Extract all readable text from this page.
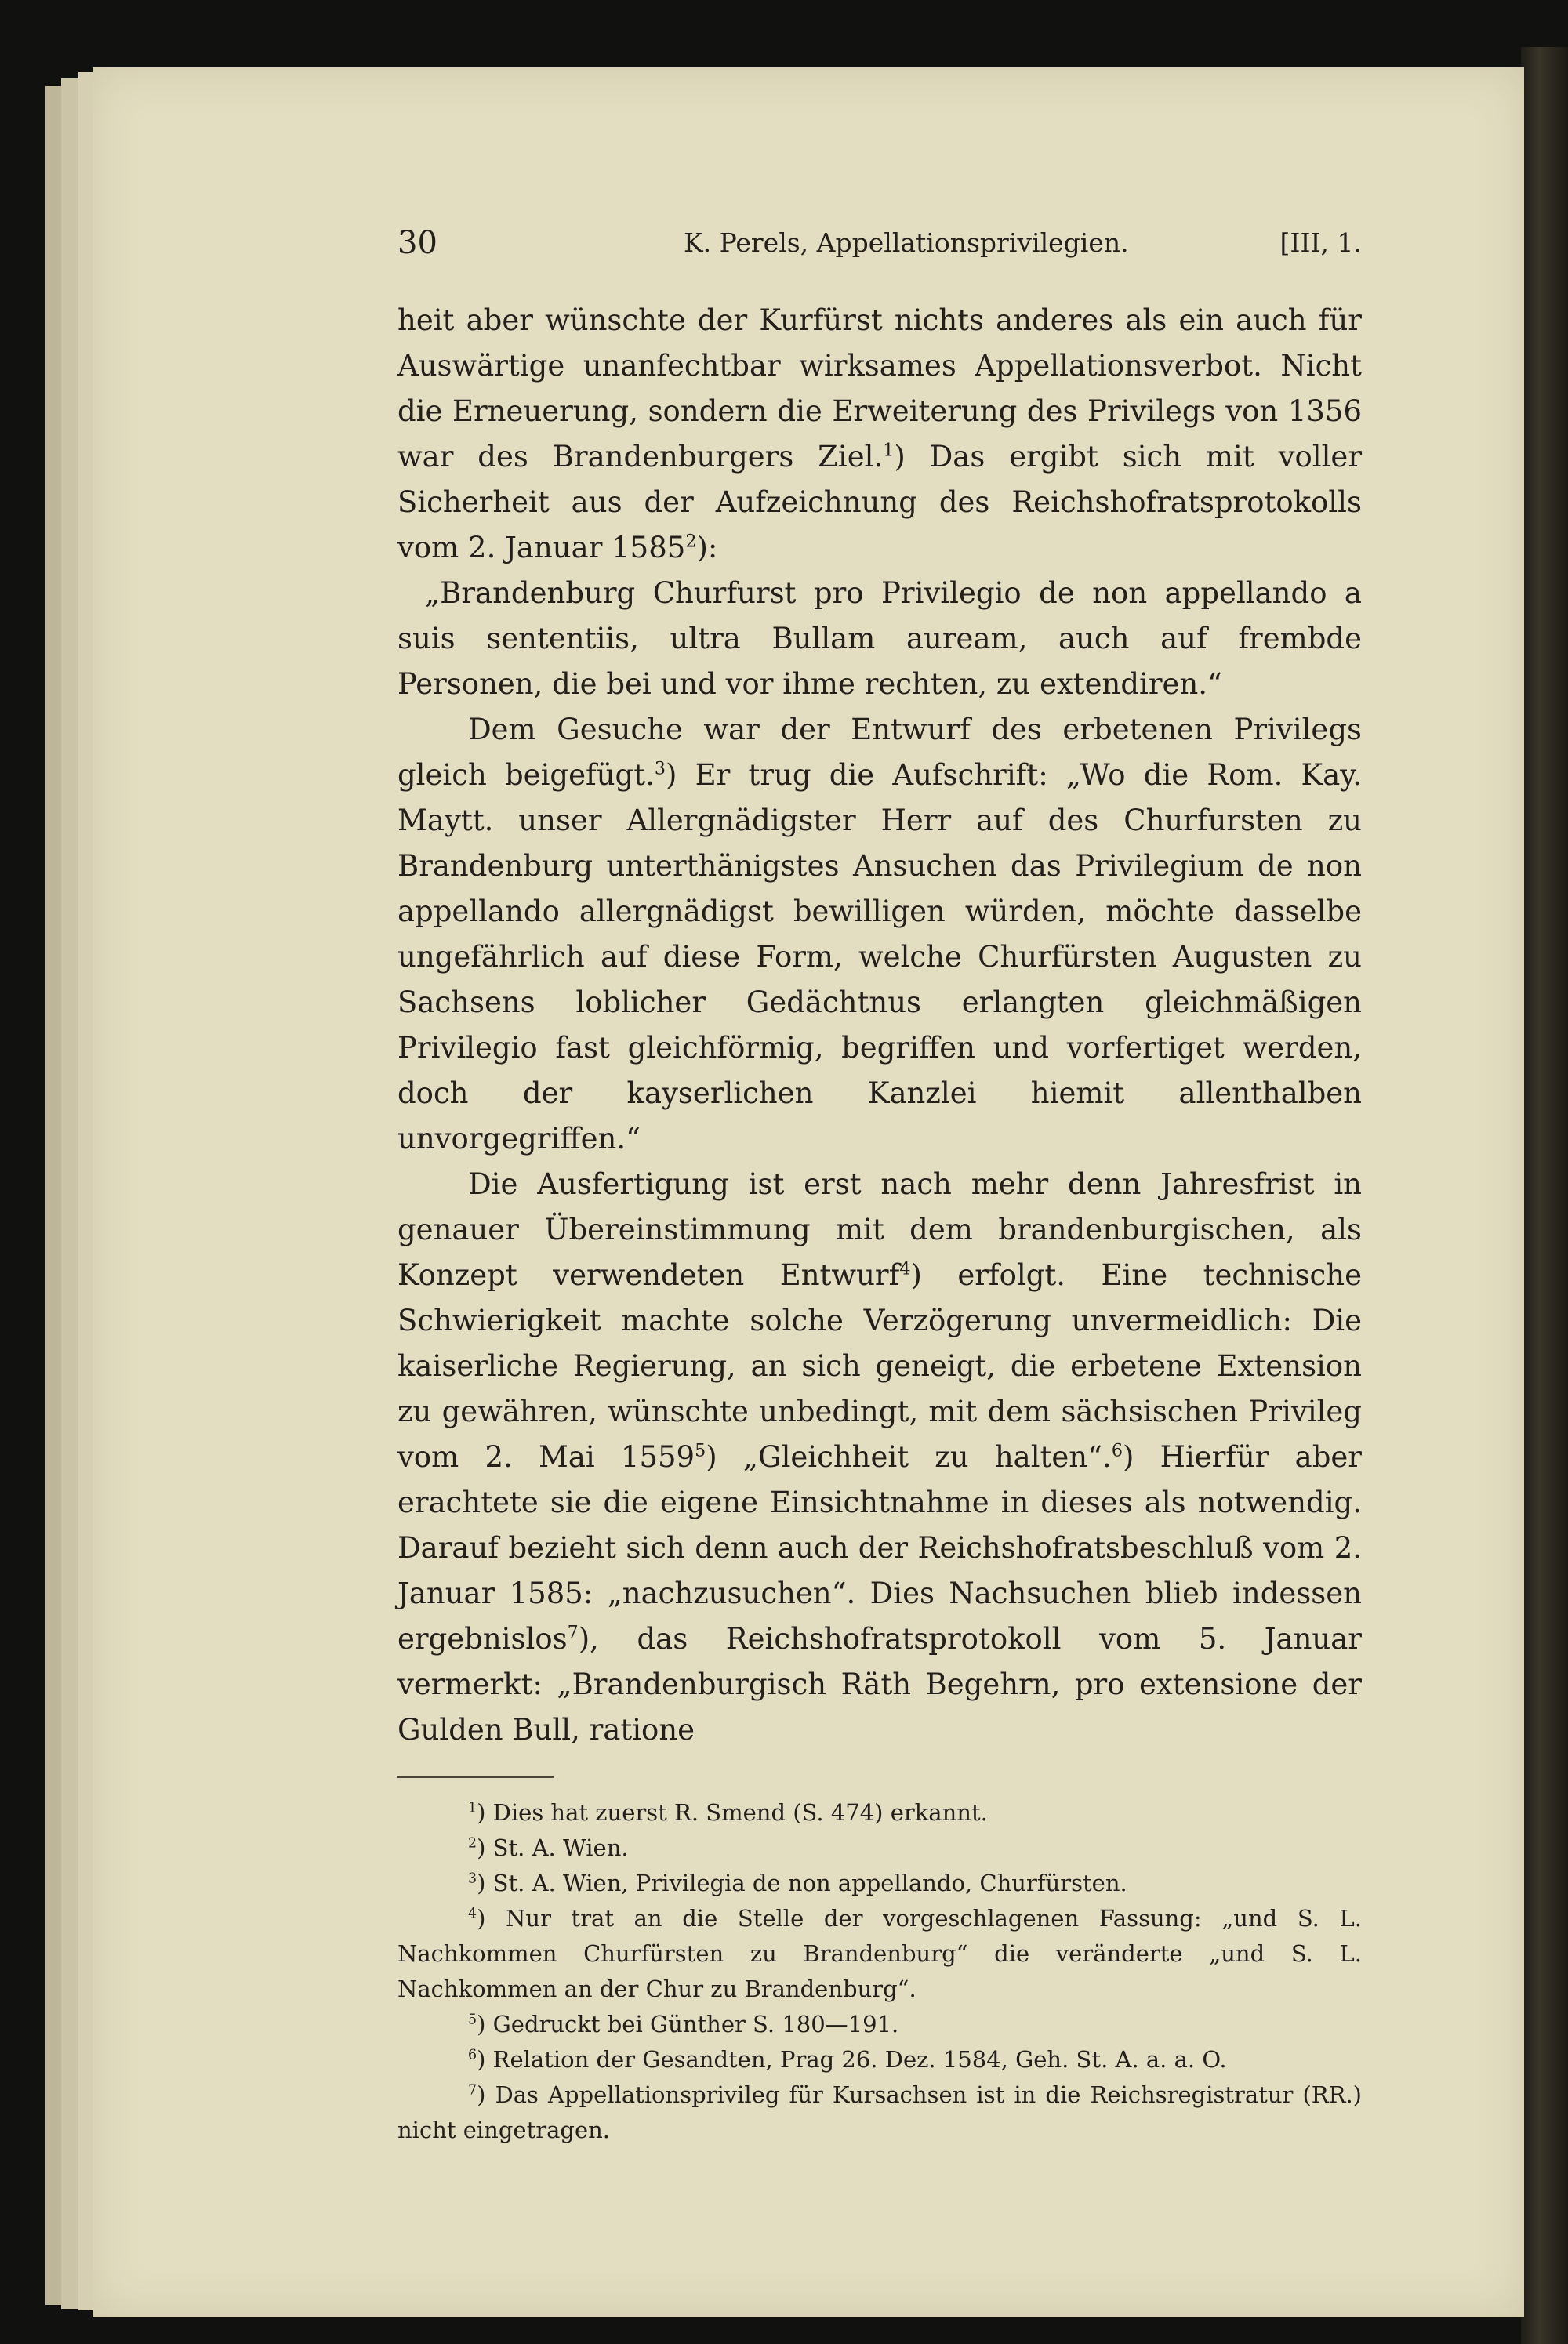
30	K. Perels, Appellationsprivilegien.	[III, 1.

heit aber wünschte der Kurfürst nichts anderes als ein auch für Auswärtige unanfechtbar wirksames Appellationsverbot. Nicht die Erneuerung, sondern die Erweiterung des Privilegs von 1356 war des Brandenburgers Ziel.$^1$) Das ergibt sich mit voller Sicherheit aus der Aufzeichnung des Reichshofratsprotokolls vom 2. Januar 1585$^2$):

„Brandenburg Churfurst pro Privilegio de non appellando a suis sententiis, ultra Bullam auream, auch auf frembde Personen, die bei und vor ihme rechten, zu extendiren.“

Dem Gesuche war der Entwurf des erbetenen Privilegs gleich beigefügt.$^3$) Er trug die Aufschrift: „Wo die Rom. Kay. Maytt. unser Allergnädigster Herr auf des Churfursten zu Brandenburg unterthänigstes Ansuchen das Privilegium de non appellando allergnädigst bewilligen würden, möchte dasselbe ungefährlich auf diese Form, welche Churfürsten Augusten zu Sachsens loblicher Gedächtnus erlangten gleichmäßigen Privilegio fast gleichförmig, begriffen und vorfertiget werden, doch der kayserlichen Kanzlei hiemit allenthalben unvorgegriffen.“

Die Ausfertigung ist erst nach mehr denn Jahresfrist in genauer Übereinstimmung mit dem brandenburgischen, als Konzept verwendeten Entwurf$^4$) erfolgt. Eine technische Schwierigkeit machte solche Verzögerung unvermeidlich: Die kaiserliche Regierung, an sich geneigt, die erbetene Extension zu gewähren, wünschte unbedingt, mit dem sächsischen Privileg vom 2. Mai 1559$^5$) „Gleichheit zu halten“.$^6$) Hierfür aber erachtete sie die eigene Einsichtnahme in dieses als notwendig. Darauf bezieht sich denn auch der Reichshofratsbeschluß vom 2. Januar 1585: „nachzusuchen“. Dies Nachsuchen blieb indessen ergebnislos$^7$), das Reichshofratsprotokoll vom 5. Januar vermerkt: „Brandenburgisch Räth Begehrn, pro extensione der Gulden Bull, ratione

$^1$) Dies hat zuerst R. Smend (S. 474) erkannt.

$^2$) St. A. Wien.

$^3$) St. A. Wien, Privilegia de non appellando, Churfürsten.

$^4$) Nur trat an die Stelle der vorgeschlagenen Fassung: „und S. L. Nachkommen Churfürsten zu Brandenburg“ die veränderte „und S. L. Nachkommen an der Chur zu Brandenburg“.

$^5$) Gedruckt bei Günther S. 180—191.

$^6$) Relation der Gesandten, Prag 26. Dez. 1584, Geh. St. A. a. a. O.

$^7$) Das Appellationsprivileg für Kursachsen ist in die Reichsregistratur (RR.) nicht eingetragen.
